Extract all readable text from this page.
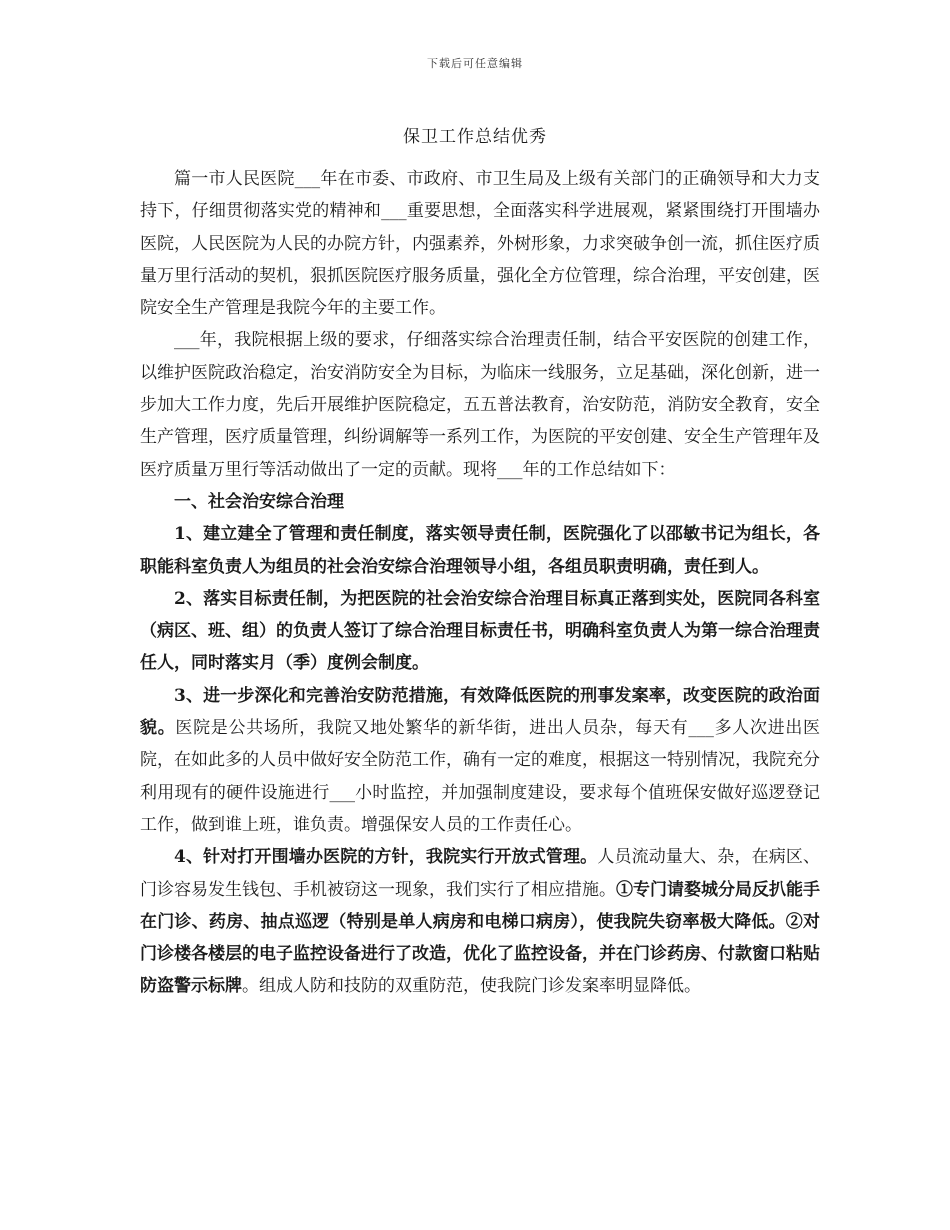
下载后可任意编辑
保卫工作总结优秀

篇一市人民医院___年在市委、市政府、市卫生局及上级有关部门的正确领导和大力支持下，仔细贯彻落实党的精神和___重要思想，全面落实科学进展观，紧紧围绕打开围墙办医院，人民医院为人民的办院方针，内强素养，外树形象，力求突破争创一流，抓住医疗质量万里行活动的契机，狠抓医院医疗服务质量，强化全方位管理，综合治理，平安创建，医院安全生产管理是我院今年的主要工作。

___年，我院根据上级的要求，仔细落实综合治理责任制，结合平安医院的创建工作，以维护医院政治稳定，治安消防安全为目标，为临床一线服务，立足基础，深化创新，进一步加大工作力度，先后开展维护医院稳定，五五普法教育，治安防范，消防安全教育，安全生产管理，医疗质量管理，纠纷调解等一系列工作，为医院的平安创建、安全生产管理年及医疗质量万里行等活动做出了一定的贡献。现将___年的工作总结如下：

一、社会治安综合治理

1、建立建全了管理和责任制度，落实领导责任制，医院强化了以邵敏书记为组长，各职能科室负责人为组员的社会治安综合治理领导小组，各组员职责明确，责任到人。

2、落实目标责任制，为把医院的社会治安综合治理目标真正落到实处，医院同各科室（病区、班、组）的负责人签订了综合治理目标责任书，明确科室负责人为第一综合治理责任人，同时落实月（季）度例会制度。

3、进一步深化和完善治安防范措施，有效降低医院的刑事发案率，改变医院的政治面貌。医院是公共场所，我院又地处繁华的新华街，进出人员杂，每天有___多人次进出医院，在如此多的人员中做好安全防范工作，确有一定的难度，根据这一特别情况，我院充分利用现有的硬件设施进行___小时监控，并加强制度建设，要求每个值班保安做好巡逻登记工作，做到谁上班，谁负责。增强保安人员的工作责任心。

4、针对打开围墙办医院的方针，我院实行开放式管理。人员流动量大、杂，在病区、门诊容易发生钱包、手机被窃这一现象，我们实行了相应措施。①专门请婺城分局反扒能手在门诊、药房、抽点巡逻（特别是单人病房和电梯口病房），使我院失窃率极大降低。②对门诊楼各楼层的电子监控设备进行了改造，优化了监控设备，并在门诊药房、付款窗口粘贴防盗警示标牌。组成人防和技防的双重防范，使我院门诊发案率明显降低。
